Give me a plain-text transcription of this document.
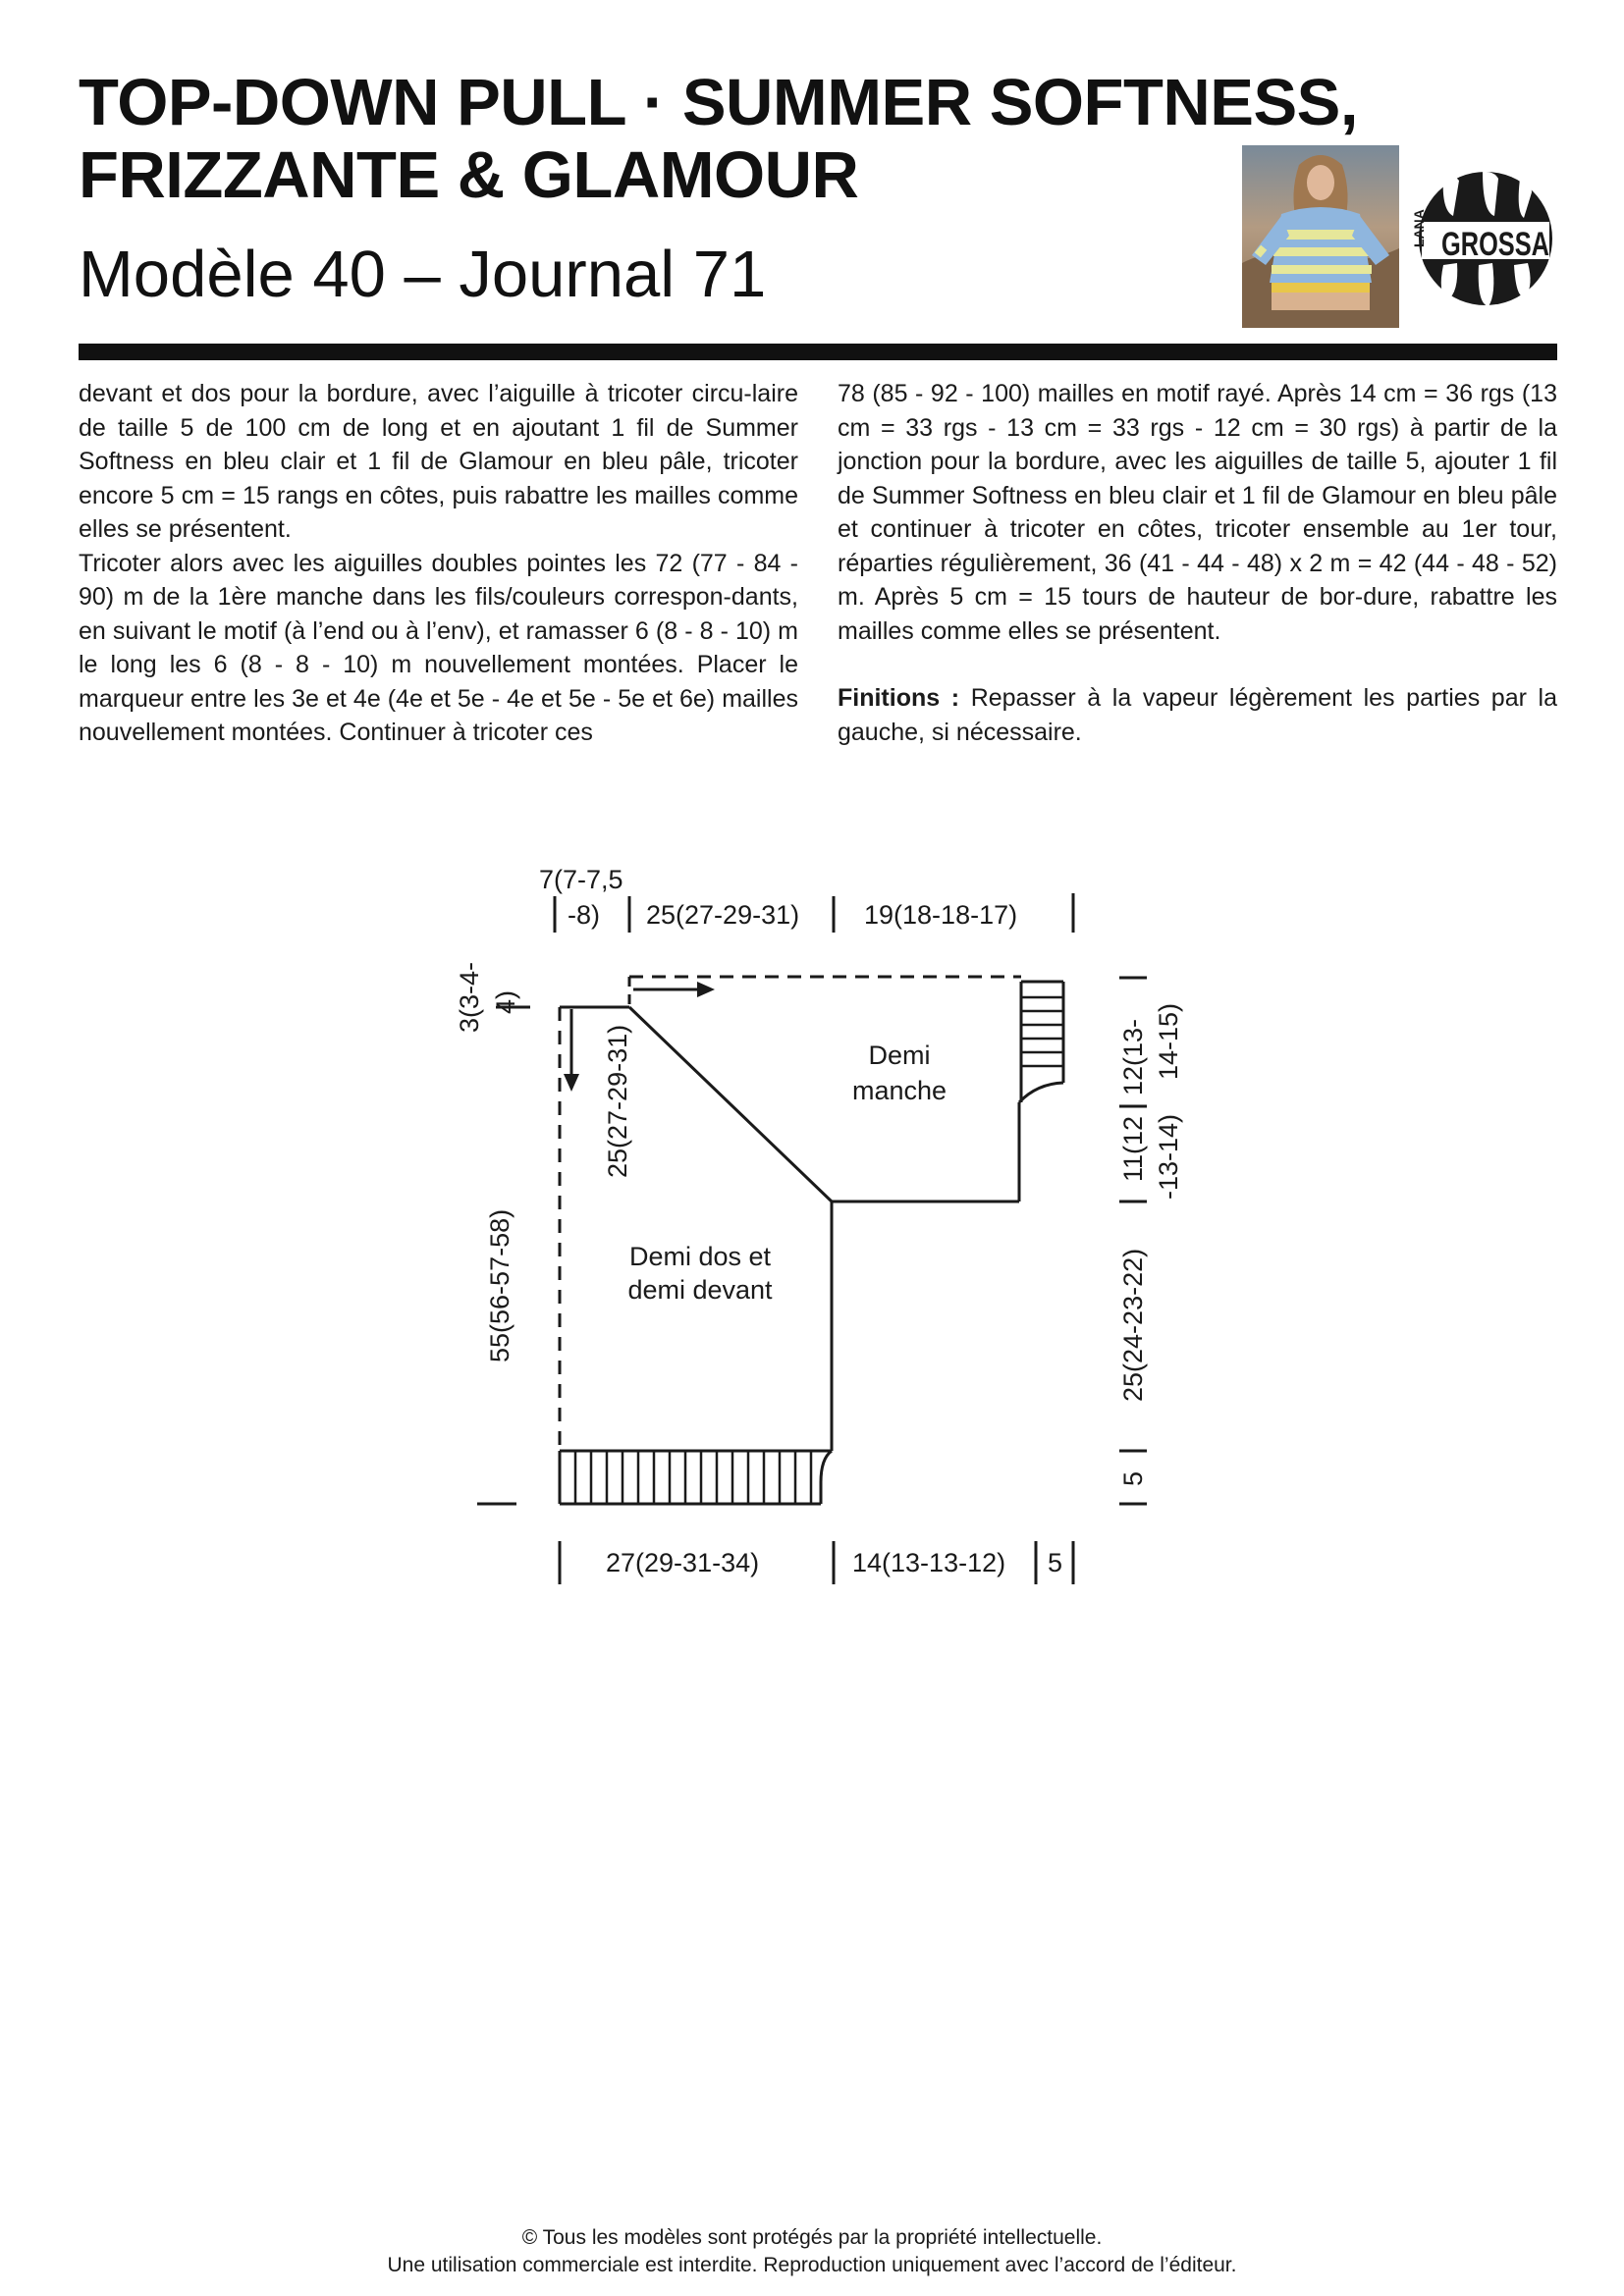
TOP-DOWN PULL · SUMMER SOFTNESS,
FRIZZANTE & GLAMOUR
Modèle 40 – Journal 71
LANA GROSSA

devant et dos pour la bordure, avec l’aiguille à tricoter circu-laire de taille 5 de 100 cm de long et en ajoutant 1 fil de Summer Softness en bleu clair et 1 fil de Glamour en bleu pâle, tricoter encore 5 cm = 15 rangs en côtes, puis rabattre les mailles comme elles se présentent.

Tricoter alors avec les aiguilles doubles pointes les 72 (77 - 84 - 90) m de la 1ère manche dans les fils/couleurs correspon-dants, en suivant le motif (à l’end ou à l’env), et ramasser 6 (8 - 8 - 10) m le long les 6 (8 - 8 - 10) m nouvellement montées. Placer le marqueur entre les 3e et 4e (4e et 5e - 4e et 5e - 5e et 6e) mailles nouvellement montées. Continuer à tricoter ces

78 (85 - 92 - 100) mailles en motif rayé. Après 14 cm = 36 rgs (13 cm = 33 rgs - 13 cm = 33 rgs - 12 cm = 30 rgs) à partir de la jonction pour la bordure, avec les aiguilles de taille 5, ajouter 1 fil de Summer Softness en bleu clair et 1 fil de Glamour en bleu pâle et continuer à tricoter en côtes, tricoter ensemble au 1er tour, réparties régulièrement, 36 (41 - 44 - 48) x 2 m = 42 (44 - 48 - 52) m. Après 5 cm = 15 tours de hauteur de bor-dure, rabattre les mailles comme elles se présentent.

Finitions : Repasser à la vapeur légèrement les parties par la gauche, si nécessaire.

7(7-7,5
-8) 25(27-29-31) 19(18-18-17)
3(3-4- 4)
25(27-29-31)
55(56-57-58)
Demi
manche
Demi dos et
demi devant
12(13- 14-15)
11(12 -13-14)
25(24-23-22)
5
27(29-31-34)	14(13-13-12) 5

© Tous les modèles sont protégés par la propriété intellectuelle.

Une utilisation commerciale est interdite. Reproduction uniquement avec l’accord de l’éditeur.
